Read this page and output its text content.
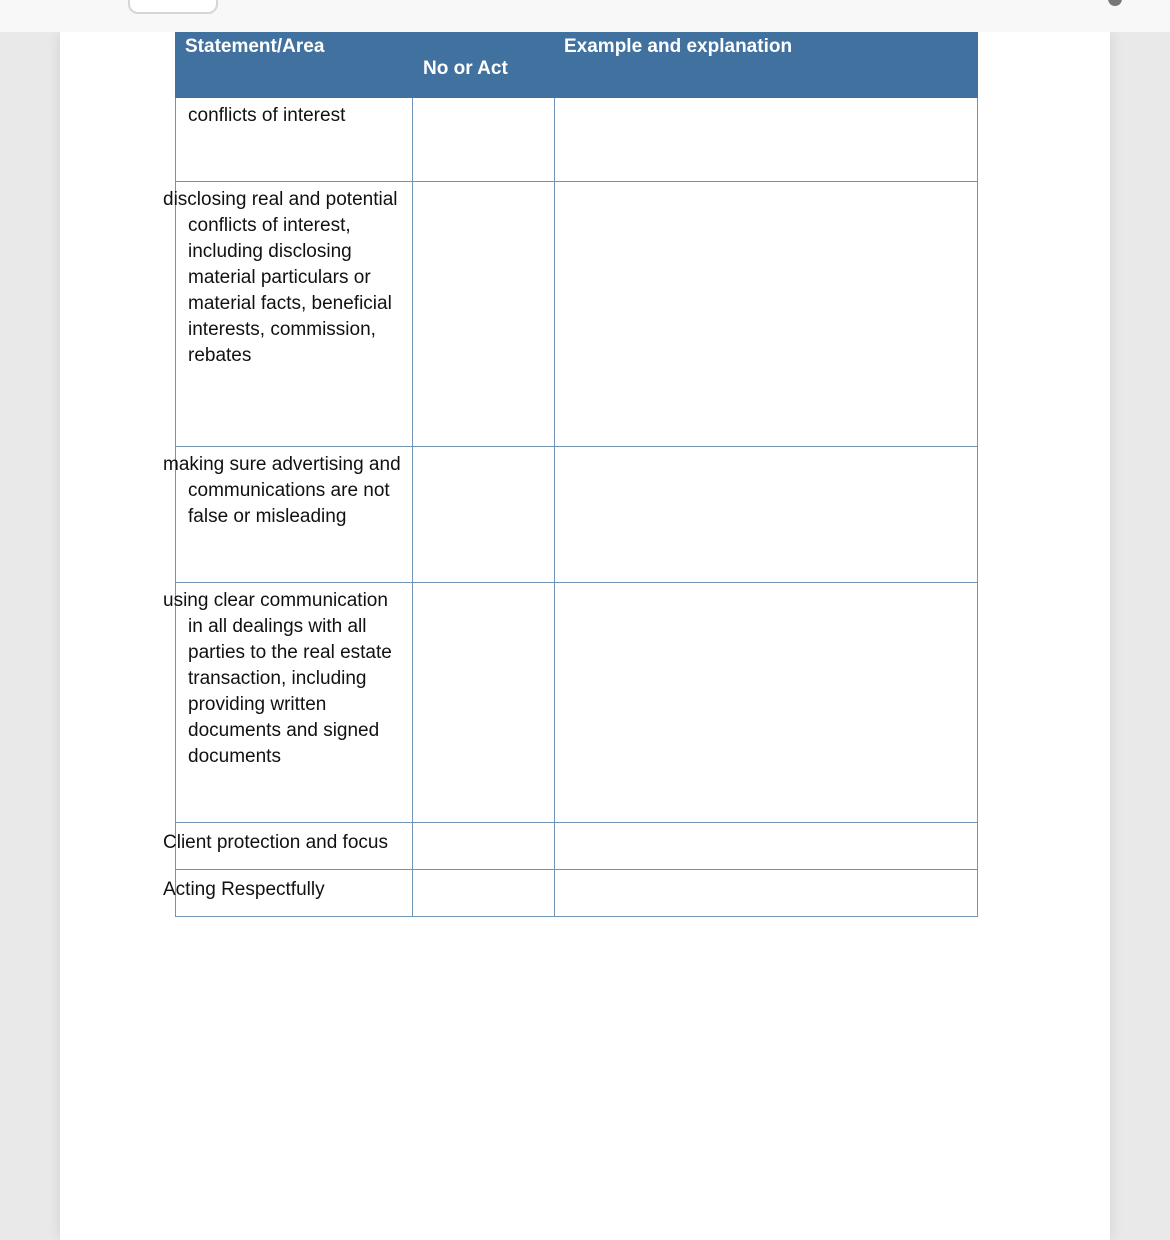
Statement/Area	No or Act	Example and explanation

conflicts of interest		

disclosing real and potential conflicts of interest, including disclosing material particulars or material facts, beneficial interests, commission, rebates		

making sure advertising and communications are not false or misleading		

using clear communication in all dealings with all parties to the real estate transaction, including providing written documents and signed documents		

Client protection and focus		

Acting Respectfully		
